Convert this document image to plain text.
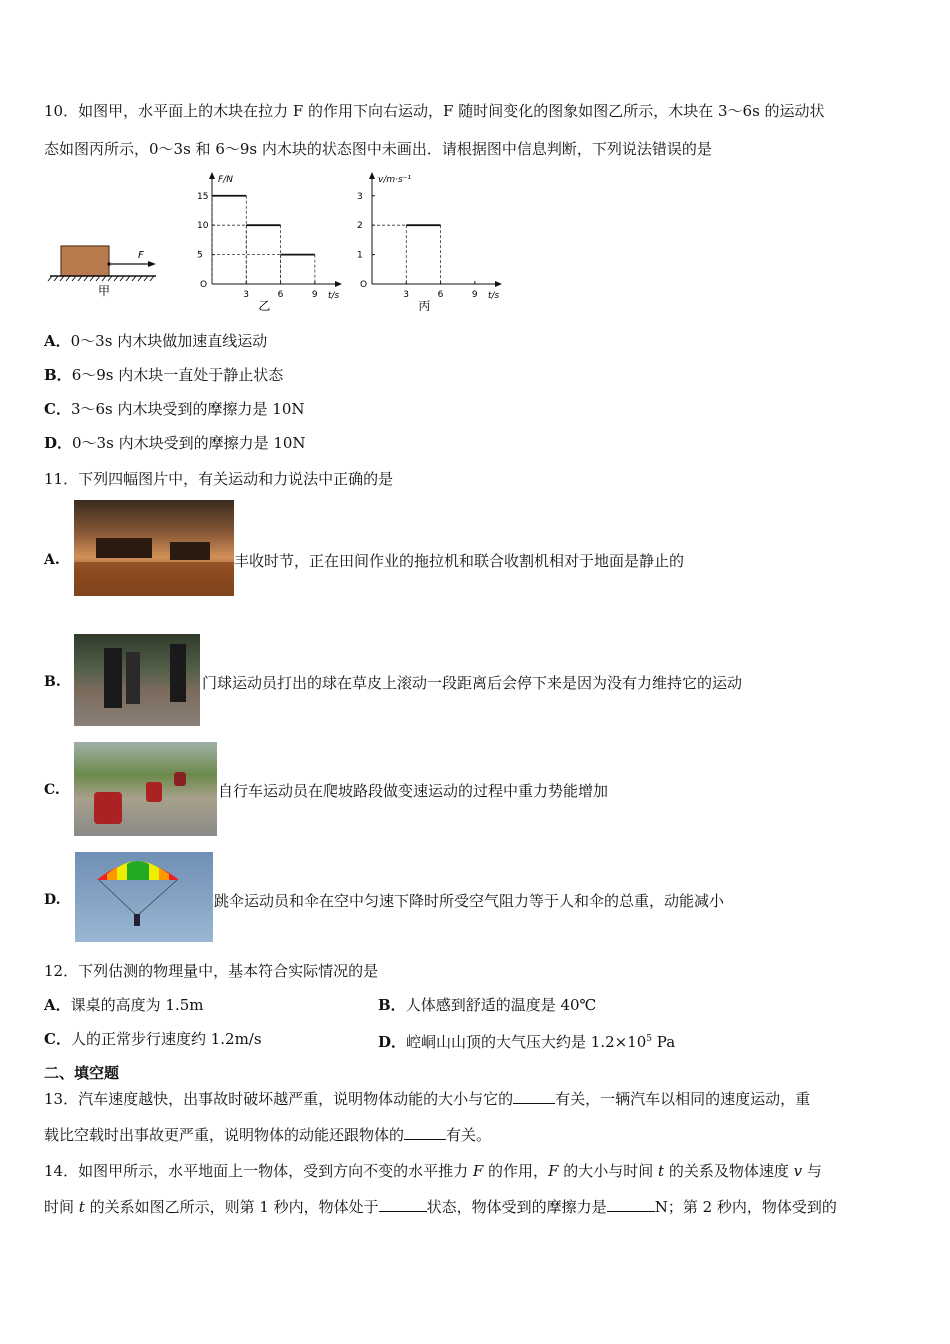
10．如图甲，水平面上的木块在拉力 F 的作用下向右运动，F 随时间变化的图象如图乙所示，木块在 3～6s 的运动状
态如图丙所示，0～3s 和 6～9s 内木块的状态图中未画出．请根据图中信息判断，下列说法错误的是
F
甲
F/N
t/s
O
3	6	9
5
10
15
乙
v/m·s⁻¹
t/s
O
3	6	9
1
2
3
丙
A．0～3s 内木块做加速直线运动
B．6～9s 内木块一直处于静止状态
C．3～6s 内木块受到的摩擦力是 10N
D．0～3s 内木块受到的摩擦力是 10N
11．下列四幅图片中，有关运动和力说法中正确的是
A.	丰收时节，正在田间作业的拖拉机和联合收割机相对于地面是静止的
B.	门球运动员打出的球在草皮上滚动一段距离后会停下来是因为没有力维持它的运动
C.	自行车运动员在爬坡路段做变速运动的过程中重力势能增加
D.	跳伞运动员和伞在空中匀速下降时所受空气阻力等于人和伞的总重，动能减小
12．下列估测的物理量中，基本符合实际情况的是
A．课桌的高度为 1.5m	B．人体感到舒适的温度是 40℃
C．人的正常步行速度约 1.2m/s	D．崆峒山山顶的大气压大约是 $1.2\times 10^5$ Pa
二、填空题
13．汽车速度越快，出事故时破坏越严重，说明物体动能的大小与它的	有关，一辆汽车以相同的速度运动，重
载比空载时出事故更严重，说明物体的动能还跟物体的	有关。
14．如图甲所示，水平地面上一物体，受到方向不变的水平推力 F 的作用，F 的大小与时间 t 的关系及物体速度 v 与
时间 t 的关系如图乙所示，则第 1 秒内，物体处于	状态，物体受到的摩擦力是	N；第 2 秒内，物体受到的
